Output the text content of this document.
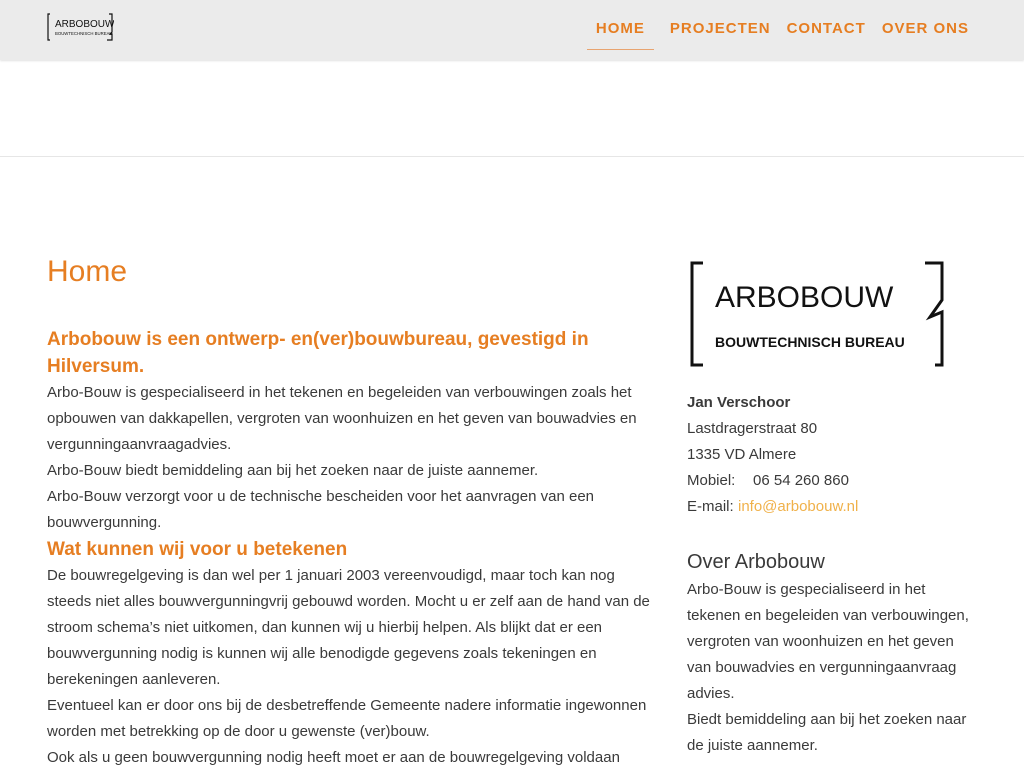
ARBOBOUW
BOUWTECHNISCH BUREAU	HOME	PROJECTEN CONTACT OVER ONS
Home
Arbobouw is een ontwerp- en(ver)bouwbureau, gevestigd in Hilversum.

Arbo-Bouw is gespecialiseerd in het tekenen en begeleiden van verbouwingen zoals het opbouwen van dakkapellen, vergroten van woonhuizen en het geven van bouwadvies en vergunningaanvraagadvies.

Arbo-Bouw biedt bemiddeling aan bij het zoeken naar de juiste aannemer.

Arbo-Bouw verzorgt voor u de technische bescheiden voor het aanvragen van een bouwvergunning.

Wat kunnen wij voor u betekenen

De bouwregelgeving is dan wel per 1 januari 2003 vereenvoudigd, maar toch kan nog steeds niet alles bouwvergunningvrij gebouwd worden. Mocht u er zelf aan de hand van de stroom schema’s niet uitkomen, dan kunnen wij u hierbij helpen. Als blijkt dat er een bouwvergunning nodig is kunnen wij alle benodigde gegevens zoals tekeningen en berekeningen aanleveren.

Eventueel kan er door ons bij de desbetreffende Gemeente nadere informatie ingewonnen worden met betrekking op de door u gewenste (ver)bouw.

Ook als u geen bouwvergunning nodig heeft moet er aan de bouwregelgeving voldaan

ARBOBOUW
BOUWTECHNISCH BUREAU
Jan Verschoor
Lastdragerstraat 80
1335 VD Almere
Mobiel: 06 54 260 860
E-mail: info@arbobouw.nl
Over Arbobouw

Arbo-Bouw is gespecialiseerd in het tekenen en begeleiden van verbouwingen, vergroten van woonhuizen en het geven van bouwadvies en vergunningaanvraag advies.

Biedt bemiddeling aan bij het zoeken naar de juiste aannemer.
